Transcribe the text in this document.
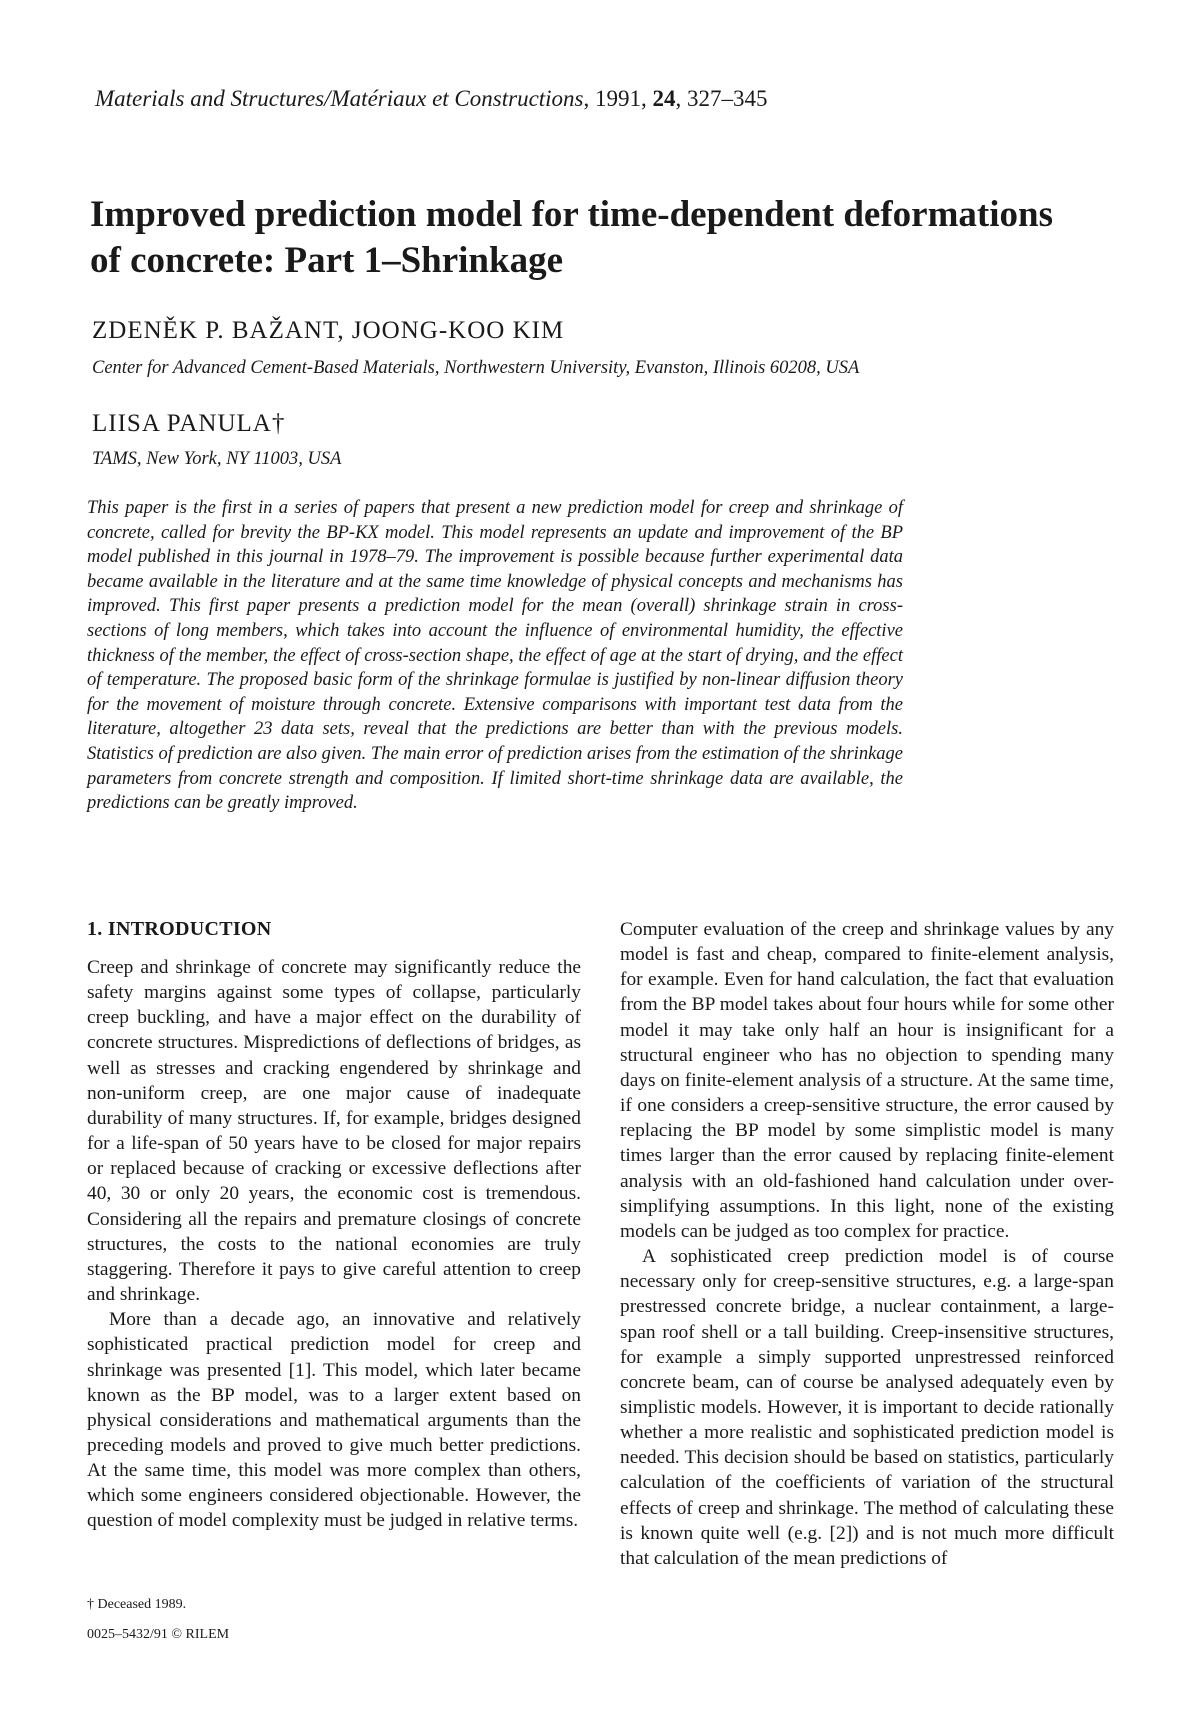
Materials and Structures/Matériaux et Constructions, 1991, 24, 327–345
Improved prediction model for time-dependent deformations
of concrete: Part 1–Shrinkage
ZDENĚK P. BAŽANT, JOONG-KOO KIM
Center for Advanced Cement-Based Materials, Northwestern University, Evanston, Illinois 60208, USA
LIISA PANULA†
TAMS, New York, NY 11003, USA
This paper is the first in a series of papers that present a new prediction model for creep and shrinkage of concrete, called for brevity the BP-KX model. This model represents an update and improvement of the BP model published in this journal in 1978–79. The improvement is possible because further experimental data became available in the literature and at the same time knowledge of physical concepts and mechanisms has improved. This first paper presents a prediction model for the mean (overall) shrinkage strain in cross-sections of long members, which takes into account the influence of environmental humidity, the effective thickness of the member, the effect of cross-section shape, the effect of age at the start of drying, and the effect of temperature. The proposed basic form of the shrinkage formulae is justified by non-linear diffusion theory for the movement of moisture through concrete. Extensive comparisons with important test data from the literature, altogether 23 data sets, reveal that the predictions are better than with the previous models. Statistics of prediction are also given. The main error of prediction arises from the estimation of the shrinkage parameters from concrete strength and composition. If limited short-time shrinkage data are available, the predictions can be greatly improved.
1. INTRODUCTION

Creep and shrinkage of concrete may significantly reduce the safety margins against some types of collapse, particularly creep buckling, and have a major effect on the durability of concrete structures. Mispredictions of deflections of bridges, as well as stresses and cracking engendered by shrinkage and non-uniform creep, are one major cause of inadequate durability of many structures. If, for example, bridges designed for a life-span of 50 years have to be closed for major repairs or replaced because of cracking or excessive deflections after 40, 30 or only 20 years, the economic cost is tremendous. Considering all the repairs and premature closings of concrete structures, the costs to the national economies are truly staggering. Therefore it pays to give careful attention to creep and shrinkage.

More than a decade ago, an innovative and relatively sophisticated practical prediction model for creep and shrinkage was presented [1]. This model, which later became known as the BP model, was to a larger extent based on physical considerations and mathematical arguments than the preceding models and proved to give much better predictions. At the same time, this model was more complex than others, which some engineers considered objectionable. However, the question of model complexity must be judged in relative terms.

Computer evaluation of the creep and shrinkage values by any model is fast and cheap, compared to finite-element analysis, for example. Even for hand calculation, the fact that evaluation from the BP model takes about four hours while for some other model it may take only half an hour is insignificant for a structural engineer who has no objection to spending many days on finite-element analysis of a structure. At the same time, if one considers a creep-sensitive structure, the error caused by replacing the BP model by some simplistic model is many times larger than the error caused by replacing finite-element analysis with an old-fashioned hand calculation under over-simplifying assumptions. In this light, none of the existing models can be judged as too complex for practice.

A sophisticated creep prediction model is of course necessary only for creep-sensitive structures, e.g. a large-span prestressed concrete bridge, a nuclear containment, a large-span roof shell or a tall building. Creep-insensitive structures, for example a simply supported unprestressed reinforced concrete beam, can of course be analysed adequately even by simplistic models. However, it is important to decide rationally whether a more realistic and sophisticated prediction model is needed. This decision should be based on statistics, particularly calculation of the coefficients of variation of the structural effects of creep and shrinkage. The method of calculating these is known quite well (e.g. [2]) and is not much more difficult that calculation of the mean predictions of

† Deceased 1989.
0025–5432/91 © RILEM
